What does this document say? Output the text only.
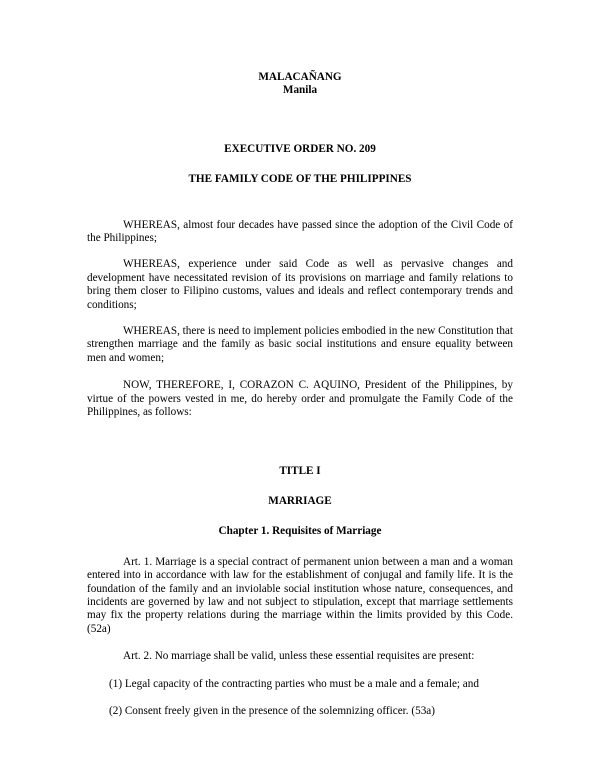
MALACAÑANG

Manila

EXECUTIVE ORDER NO. 209

THE FAMILY CODE OF THE PHILIPPINES

WHEREAS, almost four decades have passed since the adoption of the Civil Code of the Philippines;

WHEREAS, experience under said Code as well as pervasive changes and development have necessitated revision of its provisions on marriage and family relations to bring them closer to Filipino customs, values and ideals and reflect contemporary trends and conditions;

WHEREAS, there is need to implement policies embodied in the new Constitution that strengthen marriage and the family as basic social institutions and ensure equality between men and women;

NOW, THEREFORE, I, CORAZON C. AQUINO, President of the Philippines, by virtue of the powers vested in me, do hereby order and promulgate the Family Code of the Philippines, as follows:

TITLE I

MARRIAGE

Chapter 1. Requisites of Marriage

Art. 1. Marriage is a special contract of permanent union between a man and a woman entered into in accordance with law for the establishment of conjugal and family life. It is the foundation of the family and an inviolable social institution whose nature, consequences, and incidents are governed by law and not subject to stipulation, except that marriage settlements may fix the property relations during the marriage within the limits provided by this Code. (52a)

Art. 2. No marriage shall be valid, unless these essential requisites are present:

(1) Legal capacity of the contracting parties who must be a male and a female; and

(2) Consent freely given in the presence of the solemnizing officer. (53a)
